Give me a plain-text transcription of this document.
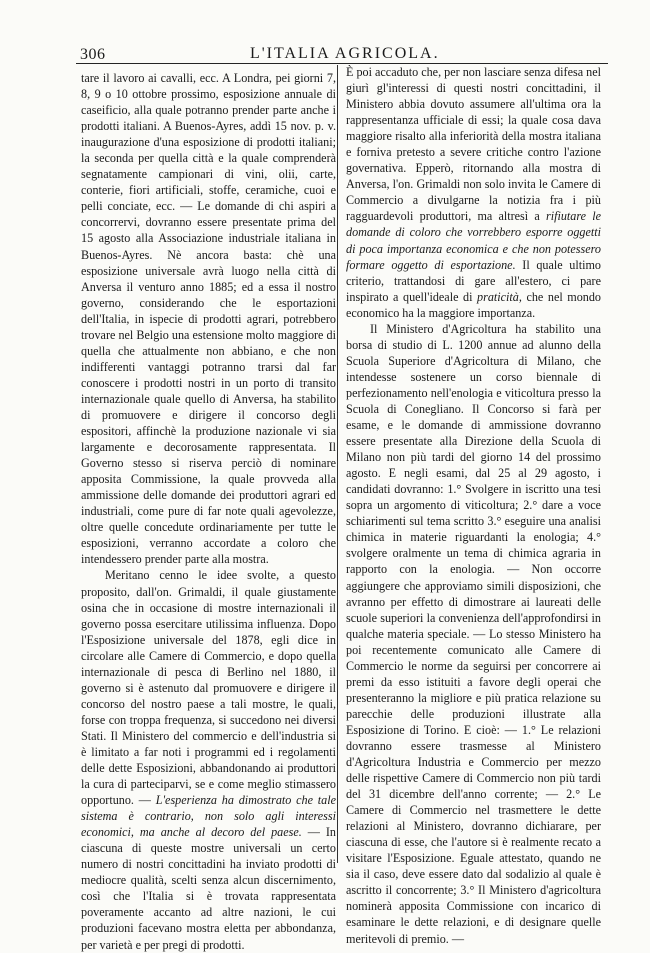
306	L'ITALIA AGRICOLA.

tare il lavoro ai cavalli, ecc. A Londra, pei giorni 7, 8, 9 o 10 ottobre prossimo, esposizione annuale di caseificio, alla quale potranno prender parte anche i prodotti italiani. A Buenos-Ayres, addì 15 nov. p. v. inaugurazione d'una esposizione di prodotti italiani; la seconda per quella città e la quale comprenderà segnatamente campionari di vini, olii, carte, conterie, fiori artificiali, stoffe, ceramiche, cuoi e pelli conciate, ecc. — Le domande di chi aspiri a concorrervi, dovranno essere presentate prima del 15 agosto alla Associazione industriale italiana in Buenos-Ayres. Nè ancora basta: chè una esposizione universale avrà luogo nella città di Anversa il venturo anno 1885; ed a essa il nostro governo, considerando che le esportazioni dell'Italia, in ispecie di prodotti agrari, potrebbero trovare nel Belgio una estensione molto maggiore di quella che attualmente non abbiano, e che non indifferenti vantaggi potranno trarsi dal far conoscere i prodotti nostri in un porto di transito internazionale quale quello di Anversa, ha stabilito di promuovere e dirigere il concorso degli espositori, affinchè la produzione nazionale vi sia largamente e decorosamente rappresentata. Il Governo stesso si riserva perciò di nominare apposita Commissione, la quale provveda alla ammissione delle domande dei produttori agrari ed industriali, come pure di far note quali agevolezze, oltre quelle concedute ordinariamente per tutte le esposizioni, verranno accordate a coloro che intendessero prender parte alla mostra.

Meritano cenno le idee svolte, a questo proposito, dall'on. Grimaldi, il quale giustamente osina che in occasione di mostre internazionali il governo possa esercitare utilissima influenza. Dopo l'Esposizione universale del 1878, egli dice in circolare alle Camere di Commercio, e dopo quella internazionale di pesca di Berlino nel 1880, il governo si è astenuto dal promuovere e dirigere il concorso del nostro paese a tali mostre, le quali, forse con troppa frequenza, si succedono nei diversi Stati. Il Ministero del commercio e dell'industria si è limitato a far noti i programmi ed i regolamenti delle dette Esposizioni, abbandonando ai produttori la cura di parteciparvi, se e come meglio stimassero opportuno. — L'esperienza ha dimostrato che tale sistema è contrario, non solo agli interessi economici, ma anche al decoro del paese. — In ciascuna di queste mostre universali un certo numero di nostri concittadini ha inviato prodotti di mediocre qualità, scelti senza alcun discernimento, così che l'Italia si è trovata rappresentata poveramente accanto ad altre nazioni, le cui produzioni facevano mostra eletta per abbondanza, per varietà e per pregi di prodotti.

È poi accaduto che, per non lasciare senza difesa nel giurì gl'interessi di questi nostri concittadini, il Ministero abbia dovuto assumere all'ultima ora la rappresentanza ufficiale di essi; la quale cosa dava maggiore risalto alla inferiorità della mostra italiana e forniva pretesto a severe critiche contro l'azione governativa. Epperò, ritornando alla mostra di Anversa, l'on. Grimaldi non solo invita le Camere di Commercio a divulgarne la notizia fra i più ragguardevoli produttori, ma altresì a rifiutare le domande di coloro che vorrebbero esporre oggetti di poca importanza economica e che non potessero formare oggetto di esportazione. Il quale ultimo criterio, trattandosi di gare all'estero, ci pare inspirato a quell'ideale di praticità, che nel mondo economico ha la maggiore importanza.

Il Ministero d'Agricoltura ha stabilito una borsa di studio di L. 1200 annue ad alunno della Scuola Superiore d'Agricoltura di Milano, che intendesse sostenere un corso biennale di perfezionamento nell'enologia e viticoltura presso la Scuola di Conegliano. Il Concorso si farà per esame, e le domande di ammissione dovranno essere presentate alla Direzione della Scuola di Milano non più tardi del giorno 14 del prossimo agosto. E negli esami, dal 25 al 29 agosto, i candidati dovranno: 1.° Svolgere in iscritto una tesi sopra un argomento di viticoltura; 2.° dare a voce schiarimenti sul tema scritto 3.° eseguire una analisi chimica in materie riguardanti la enologia; 4.° svolgere oralmente un tema di chimica agraria in rapporto con la enologia. — Non occorre aggiungere che approviamo simili disposizioni, che avranno per effetto di dimostrare ai laureati delle scuole superiori la convenienza dell'approfondirsi in qualche materia speciale. — Lo stesso Ministero ha poi recentemente comunicato alle Camere di Commercio le norme da seguirsi per concorrere ai premi da esso istituiti a favore degli operai che presenteranno la migliore e più pratica relazione su parecchie delle produzioni illustrate alla Esposizione di Torino. E cioè: — 1.° Le relazioni dovranno essere trasmesse al Ministero d'Agricoltura Industria e Commercio per mezzo delle rispettive Camere di Commercio non più tardi del 31 dicembre dell'anno corrente; — 2.° Le Camere di Commercio nel trasmettere le dette relazioni al Ministero, dovranno dichiarare, per ciascuna di esse, che l'autore si è realmente recato a visitare l'Esposizione. Eguale attestato, quando ne sia il caso, deve essere dato dal sodalizio al quale è ascritto il concorrente; 3.° Il Ministero d'agricoltura nominerà apposita Commissione con incarico di esaminare le dette relazioni, e di designare quelle meritevoli di premio. —
